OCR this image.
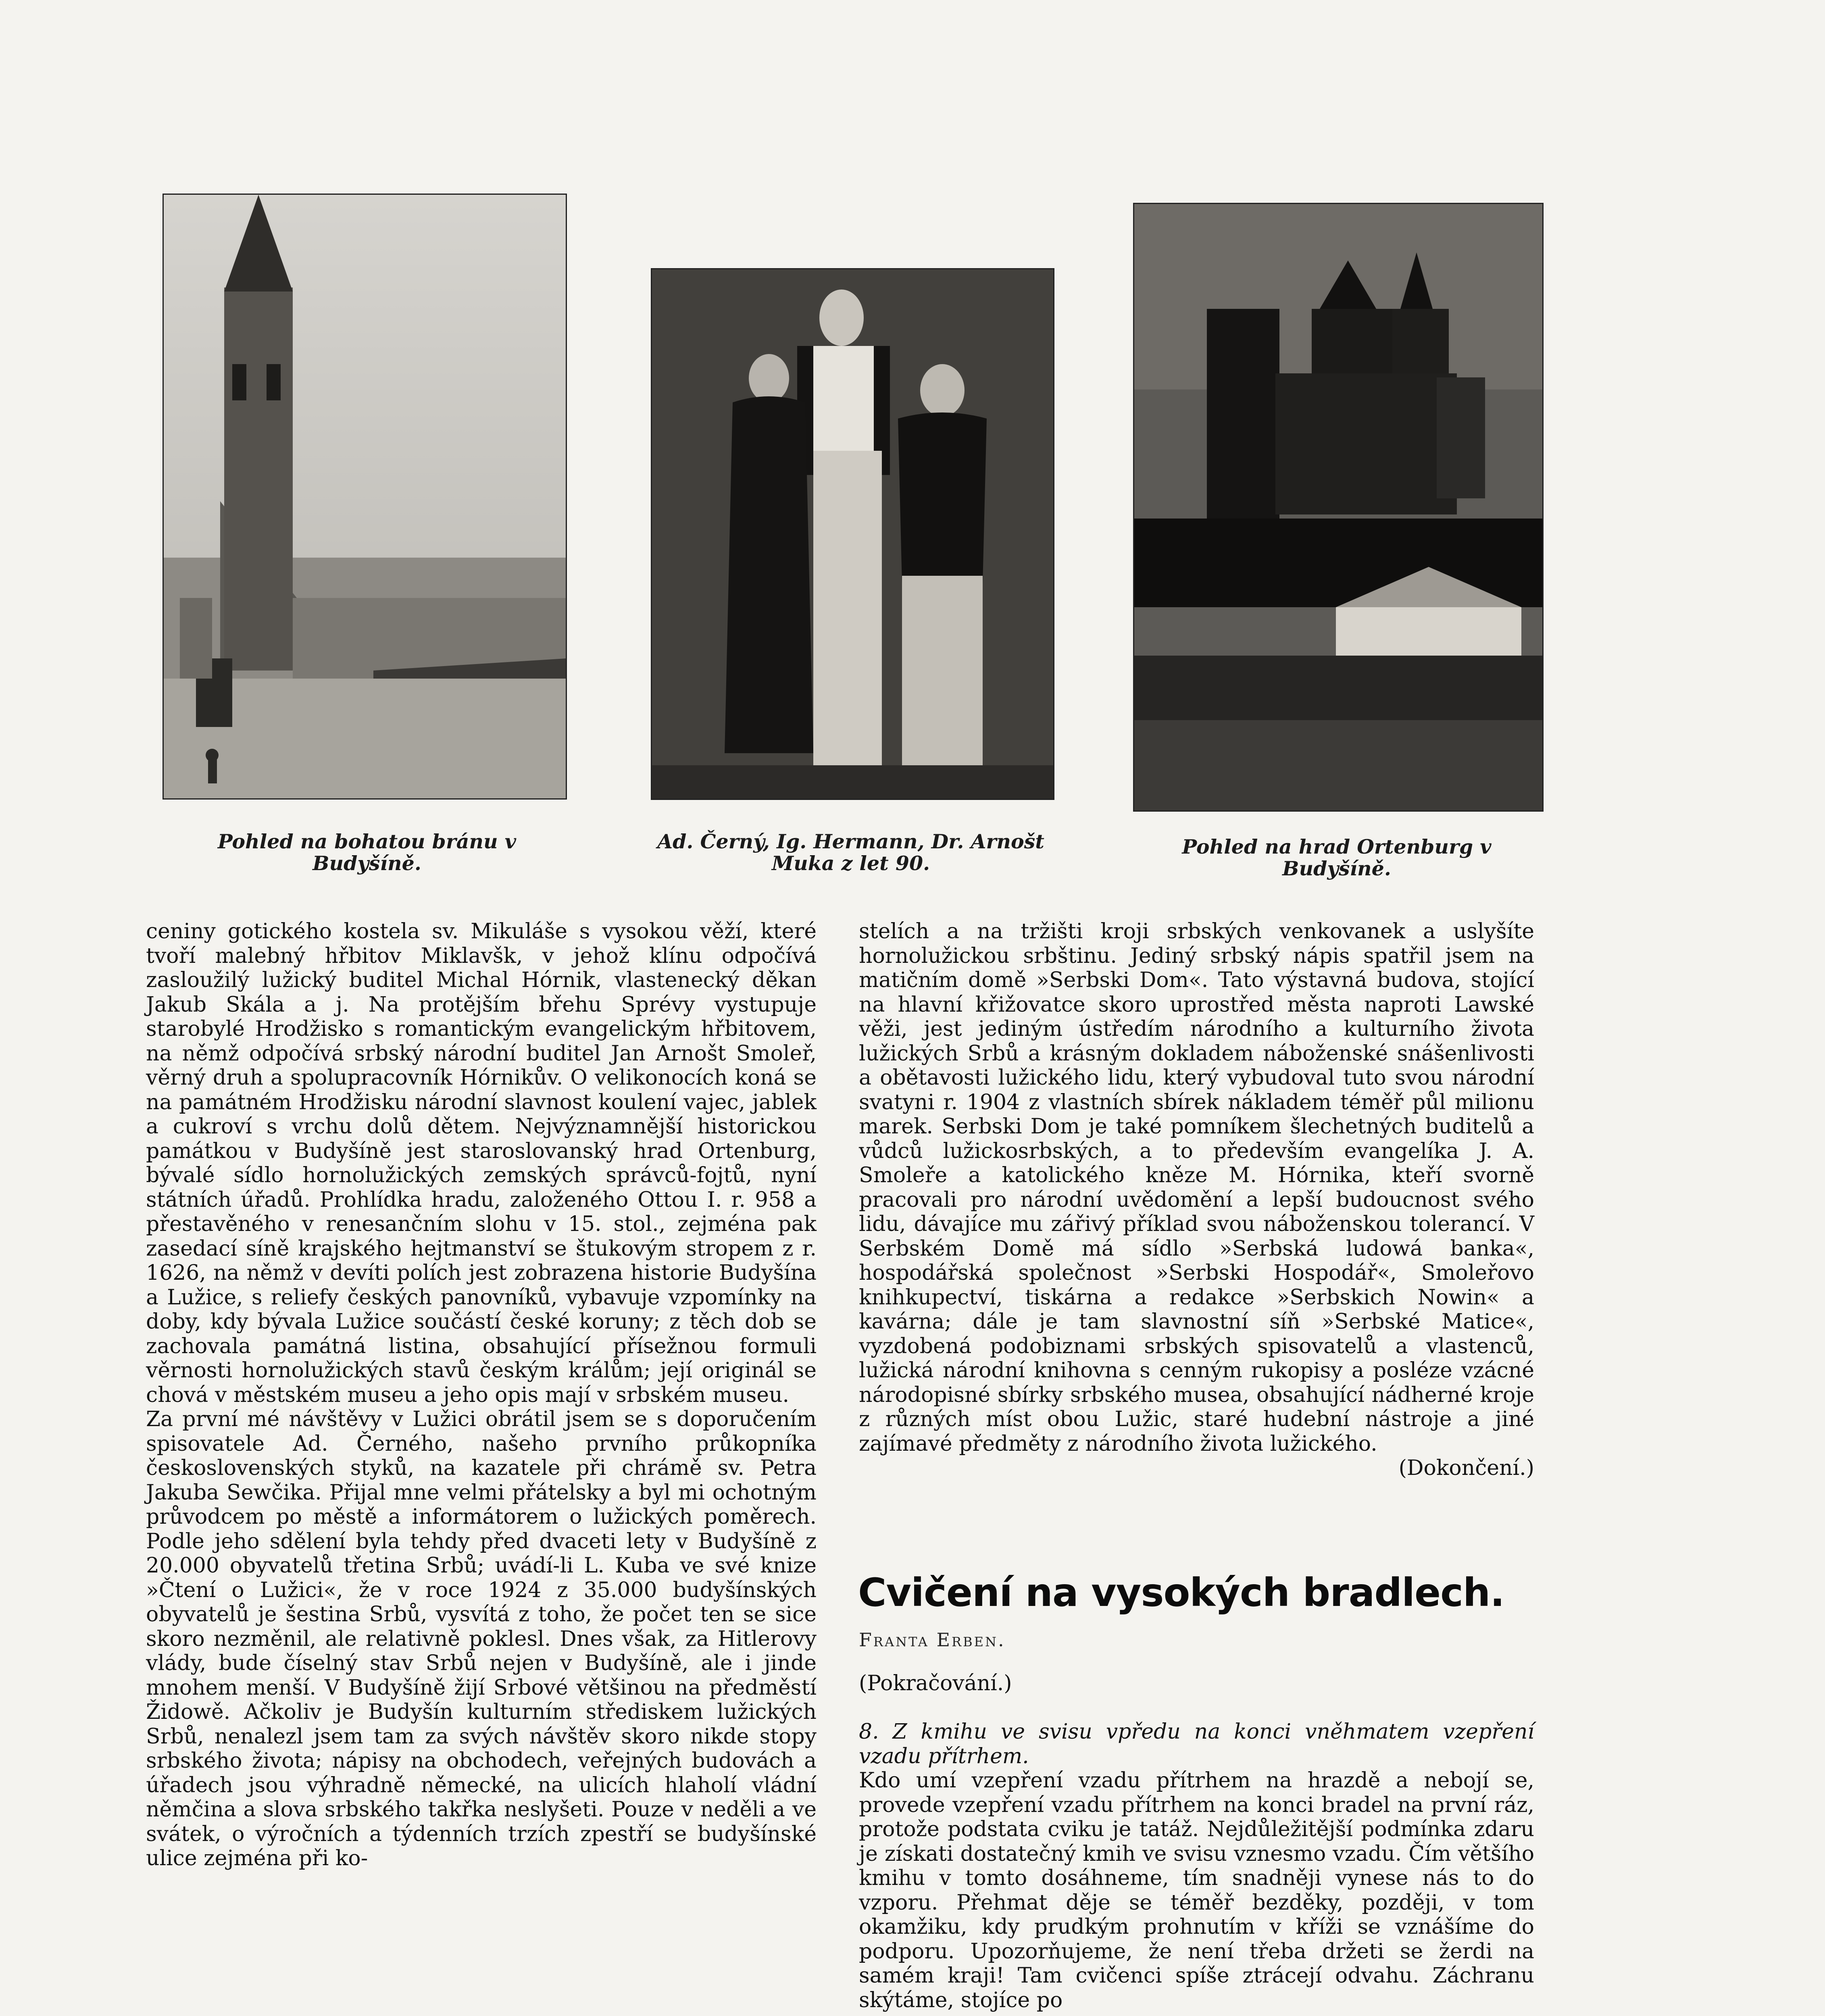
Pohled na bohatou bránu v Budyšíně.
Ad. Černý, Ig. Hermann, Dr. Arnošt Muka z let 90.
Pohled na hrad Ortenburg v Budyšíně.

ceniny gotického kostela sv. Mikuláše s vysokou věží, které tvoří malebný hřbitov Miklavšk, v jehož klínu odpočívá zasloužilý lužický buditel Michal Hórnik, vlastenecký děkan Jakub Skála a j. Na protějším břehu Sprévy vystupuje starobylé Hrodžisko s romantickým evangelickým hřbitovem, na němž odpočívá srbský národní buditel Jan Arnošt Smoleř, věrný druh a spolupracovník Hórnikův. O velikonocích koná se na památném Hrodžisku národní slavnost koulení vajec, jablek a cukroví s vrchu dolů dětem. Nejvýznamnější historickou památkou v Budyšíně jest staroslovanský hrad Ortenburg, bývalé sídlo hornolužických zemských správců-fojtů, nyní státních úřadů. Prohlídka hradu, založeného Ottou I. r. 958 a přestavěného v renesančním slohu v 15. stol., zejména pak zasedací síně krajského hejtmanství se štukovým stropem z r. 1626, na němž v devíti polích jest zobrazena historie Budyšína a Lužice, s reliefy českých panovníků, vybavuje vzpomínky na doby, kdy bývala Lužice součástí české koruny; z těch dob se zachovala památná listina, obsahující přísežnou formuli věrnosti hornolužických stavů českým králům; její originál se chová v městském museu a jeho opis mají v srbském museu.

Za první mé návštěvy v Lužici obrátil jsem se s doporučením spisovatele Ad. Černého, našeho prvního průkopníka československých styků, na kazatele při chrámě sv. Petra Jakuba Sewčika. Přijal mne velmi přátelsky a byl mi ochotným průvodcem po městě a informátorem o lužických poměrech. Podle jeho sdělení byla tehdy před dvaceti lety v Budyšíně z 20.000 obyvatelů třetina Srbů; uvádí-li L. Kuba ve své knize »Čtení o Lužici«, že v roce 1924 z 35.000 budyšínských obyvatelů je šestina Srbů, vysvítá z toho, že počet ten se sice skoro nezměnil, ale relativně poklesl. Dnes však, za Hitlerovy vlády, bude číselný stav Srbů nejen v Budyšíně, ale i jinde mnohem menší. V Budyšíně žijí Srbové většinou na předměstí Židowě. Ačkoliv je Budyšín kulturním střediskem lužických Srbů, nenalezl jsem tam za svých návštěv skoro nikde stopy srbského života; nápisy na obchodech, veřejných budovách a úřadech jsou výhradně německé, na ulicích hlaholí vládní němčina a slova srbského takřka neslyšeti. Pouze v neděli a ve svátek, o výročních a týdenních trzích zpestří se budyšínské ulice zejména při ko-

stelích a na tržišti kroji srbských venkovanek a uslyšíte hornolužickou srbštinu. Jediný srbský nápis spatřil jsem na matičním domě »Serbski Dom«. Tato výstavná budova, stojící na hlavní křižovatce skoro uprostřed města naproti Lawské věži, jest jediným ústředím národního a kulturního života lužických Srbů a krásným dokladem náboženské snášenlivosti a obětavosti lužického lidu, který vybudoval tuto svou národní svatyni r. 1904 z vlastních sbírek nákladem téměř půl milionu marek. Serbski Dom je také pomníkem šlechetných buditelů a vůdců lužickosrbských, a to především evangelíka J. A. Smoleře a katolického kněze M. Hórnika, kteří svorně pracovali pro národní uvědomění a lepší budoucnost svého lidu, dávajíce mu zářivý příklad svou náboženskou tolerancí. V Serbském Domě má sídlo »Serbská ludowá banka«, hospodářská společnost »Serbski Hospodář«, Smoleřovo knihkupectví, tiskárna a redakce »Serbskich Nowin« a kavárna; dále je tam slavnostní síň »Serbské Matice«, vyzdobená podobiznami srbských spisovatelů a vlastenců, lužická národní knihovna s cenným rukopisy a posléze vzácné národopisné sbírky srbského musea, obsahující nádherné kroje z různých míst obou Lužic, staré hudební nástroje a jiné zajímavé předměty z národního života lužického.

(Dokončení.)

Cvičení na vysokých bradlech.
Franta Erben.
(Pokračování.)

8. Z kmihu ve svisu vpředu na konci vněhmatem vzepření vzadu přítrhem.

Kdo umí vzepření vzadu přítrhem na hrazdě a nebojí se, provede vzepření vzadu přítrhem na konci bradel na první ráz, protože podstata cviku je tatáž. Nejdůležitější podmínka zdaru je získati dostatečný kmih ve svisu vznesmo vzadu. Čím většího kmihu v tomto dosáhneme, tím snadněji vynese nás to do vzporu. Přehmat děje se téměř bezděky, později, v tom okamžiku, kdy prudkým prohnutím v kříži se vznášíme do podporu. Upozorňujeme, že není třeba držeti se žerdi na samém kraji! Tam cvičenci spíše ztrácejí odvahu. Záchranu skýtáme, stojíce po
